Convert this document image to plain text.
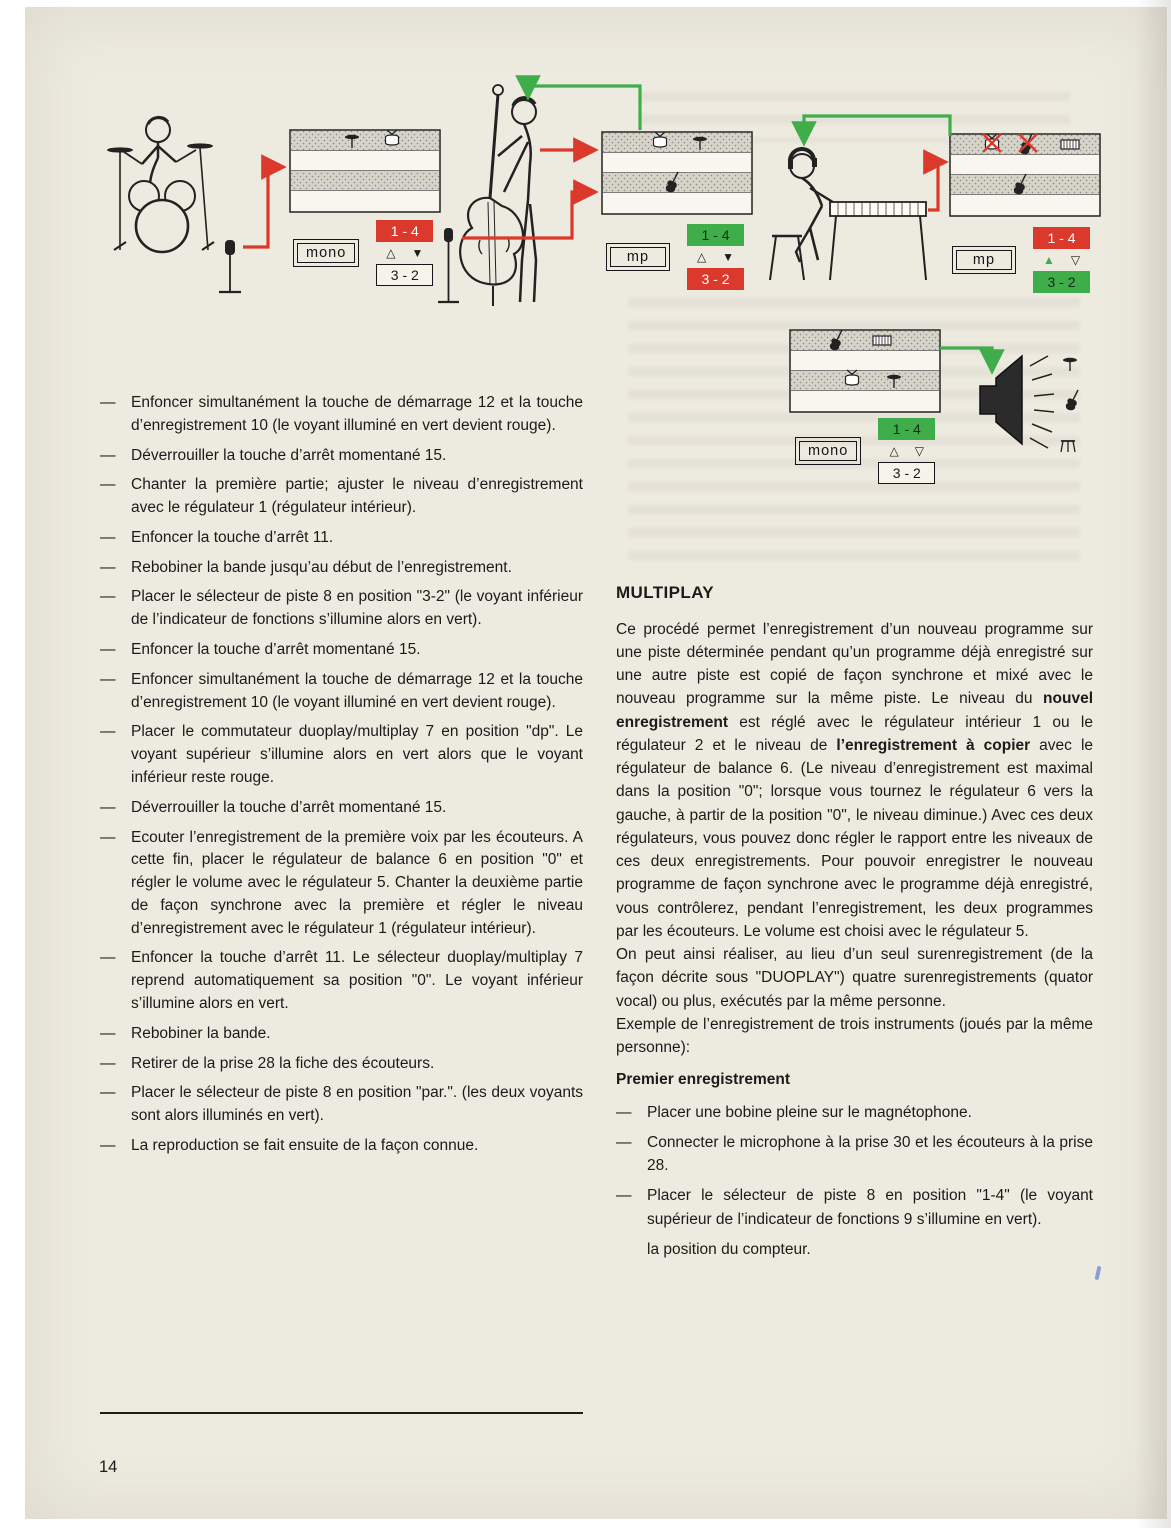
mono
1 - 4
△ ▼
3 - 2
mp
1 - 4
△ ▼
3 - 2
mp
1 - 4
▲ ▽
3 - 2
mono
1 - 4
△ ▽
3 - 2
— Enfoncer simultanément la touche de démarrage 12 et la touche d’enregistrement 10 (le voyant illuminé en vert devient rouge).
— Déverrouiller la touche d’arrêt momentané 15.
— Chanter la première partie; ajuster le niveau d’enregistrement avec le régulateur 1 (régulateur intérieur).
— Enfoncer la touche d’arrêt 11.
— Rebobiner la bande jusqu’au début de l’enregistrement.
— Placer le sélecteur de piste 8 en position "3-2" (le voyant inférieur de l’indicateur de fonctions s’illumine alors en vert).
— Enfoncer la touche d’arrêt momentané 15.
— Enfoncer simultanément la touche de démarrage 12 et la touche d’enregistrement 10 (le voyant illuminé en vert devient rouge).
— Placer le commutateur duoplay/multiplay 7 en position "dp". Le voyant supérieur s’illumine alors en vert alors que le voyant inférieur reste rouge.
— Déverrouiller la touche d’arrêt momentané 15.
— Ecouter l’enregistrement de la première voix par les écouteurs. A cette fin, placer le régulateur de balance 6 en position "0" et régler le volume avec le régulateur 5. Chanter la deuxième partie de façon synchrone avec la première et régler le niveau d’enregistrement avec le régulateur 1 (régulateur intérieur).
— Enfoncer la touche d’arrêt 11. Le sélecteur duoplay/multiplay 7 reprend automatiquement sa position "0". Le voyant inférieur s’illumine alors en vert.
— Rebobiner la bande.
— Retirer de la prise 28 la fiche des écouteurs.
— Placer le sélecteur de piste 8 en position "par.". (les deux voyants sont alors illuminés en vert).
— La reproduction se fait ensuite de la façon connue.
MULTIPLAY

Ce procédé permet l’enregistrement d’un nouveau programme sur une piste déterminée pendant qu’un programme déjà enregistré sur une autre piste est copié de façon synchrone et mixé avec le nouveau programme sur la même piste. Le niveau du nouvel enregistrement est réglé avec le régulateur intérieur 1 ou le régulateur 2 et le niveau de l’enregistrement à copier avec le régulateur de balance 6. (Le niveau d’enregistrement est maximal dans la position "0"; lorsque vous tournez le régulateur 6 vers la gauche, à partir de la position "0", le niveau diminue.) Avec ces deux régulateurs, vous pouvez donc régler le rapport entre les niveaux de ces deux enregistrements. Pour pouvoir enregistrer le nouveau programme de façon synchrone avec le programme déjà enregistré, vous contrôlerez, pendant l’enregistrement, les deux programmes par les écouteurs. Le volume est choisi avec le régulateur 5.

On peut ainsi réaliser, au lieu d’un seul surenregistrement (de la façon décrite sous "DUOPLAY") quatre surenregistrements (quator vocal) ou plus, exécutés par la même personne.

Exemple de l’enregistrement de trois instruments (joués par la même personne):

Premier enregistrement
— Placer une bobine pleine sur le magnétophone.
— Connecter le microphone à la prise 30 et les écouteurs à la prise 28.
— Placer le sélecteur de piste 8 en position "1-4" (le voyant supérieur de l’indicateur de fonctions 9 s’illumine en vert).
la position du compteur.
14
